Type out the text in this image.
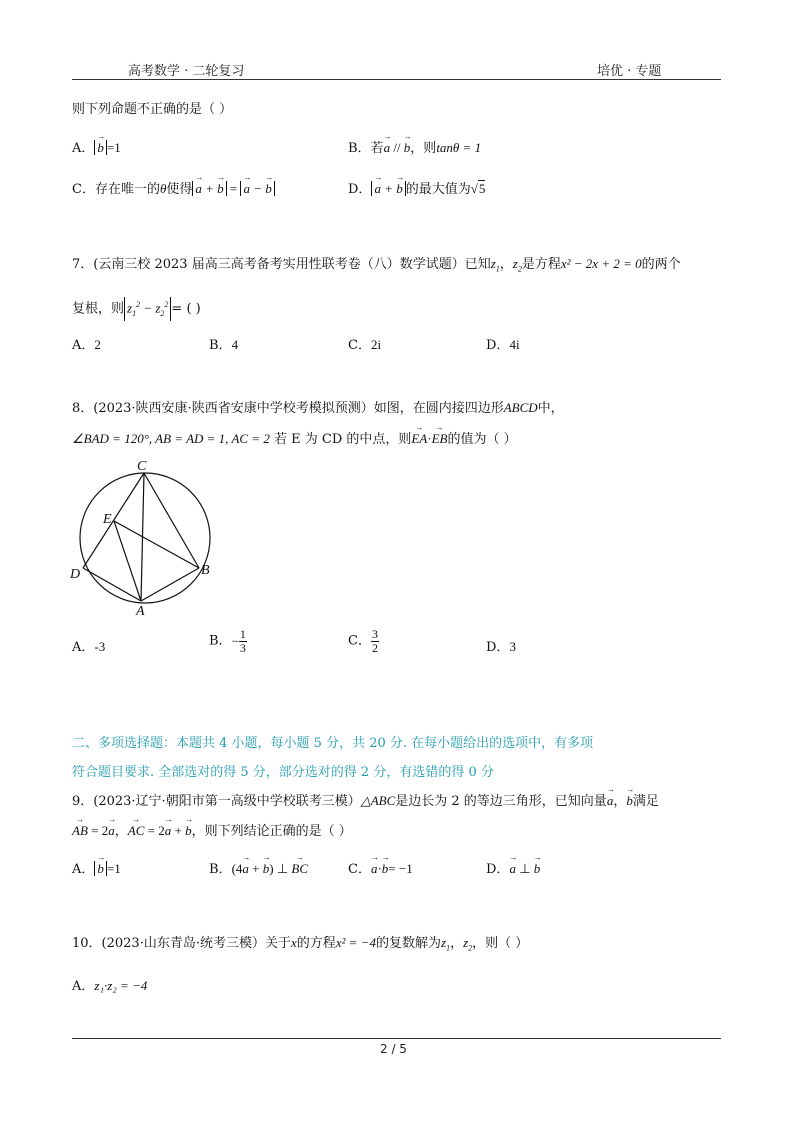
高考数学 · 二轮复习	培优 · 专题
则下列命题不正确的是（ ）
A． → b =1	B．若→ a // → b，则tanθ = 1
C．存在唯一的θ使得 → a + → b = → a − → b	D． → a + → b 的最大值为√5
7．(云南三校 2023 届高三高考备考实用性联考卷（八）数学试题）已知$z_1$，$z_2$是方程x² − 2x + 2 = 0的两个
复根，则 $z_1^2 - z_2^2$ = ( )
A．2	B．4	C．2i	D．4i
8．(2023·陕西安康·陕西省安康中学校考模拟预测）如图，在圆内接四边形ABCD中，
∠BAD = 120°, AB = AD = 1, AC = 2 若 E 为 CD 的中点，则→ EA·→ EB的值为（ ）
C
E
D	B
A
A．-3	B．− $\frac{1}{3}$	C． $\frac{3}{2}$	D．3
二、多项选择题：本题共 4 小题，每小题 5 分，共 20 分. 在每小题给出的选项中，有多项
符合题目要求. 全部选对的得 5 分，部分选对的得 2 分，有选错的得 0 分
9．(2023·辽宁·朝阳市第一高级中学校联考三模）△ABC是边长为 2 的等边三角形，已知向量→ a，→ b满足
→ AB = 2→ a，→ AC = 2→ a + → b，则下列结论正确的是（ ）
A． → b =1	B．(4→ a + → b) ⊥ → BC	C．→ a·→ b= −1	D．→ a ⊥ → b
10．(2023·山东青岛·统考三模）关于x的方程x² = −4的复数解为$z_1$，$z_2$，则（ ）
A．z₁·z₂ = −4
2 / 5
